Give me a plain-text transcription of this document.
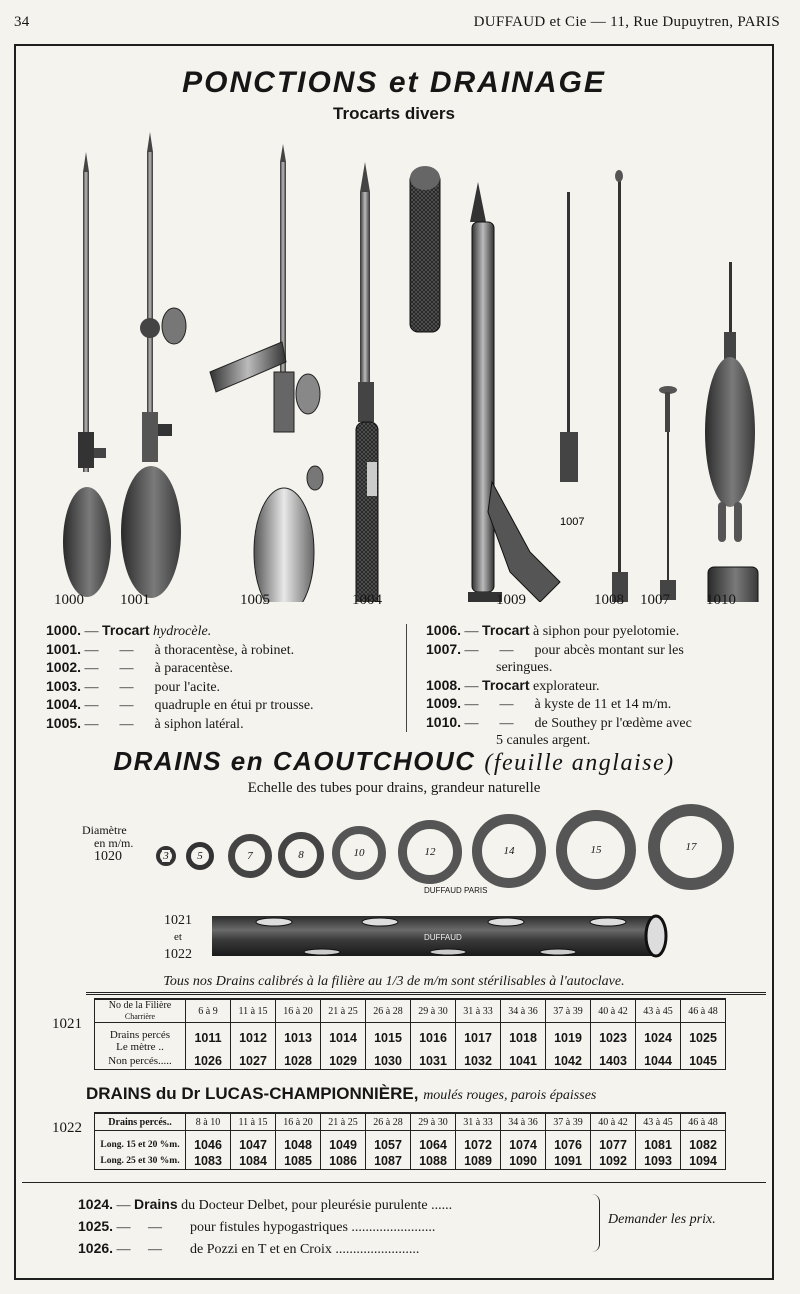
34	DUFFAUD et Cie — 11, Rue Dupuytren, PARIS
PONCTIONS et DRAINAGE
Trocarts divers
1007
1000 1001	1005	1004	1009	1008 1007 1010
1000. — Trocart hydrocèle.
1001. — — à thoracentèse, à robinet.
1002. — — à paracentèse.
1003. — — pour l'acite.
1004. — — quadruple en étui pr trousse.
1005. — — à siphon latéral.
1006. — Trocart à siphon pour pyelotomie.
1007. — — pour abcès montant sur les
seringues.
1008. — Trocart explorateur.
1009. — — à kyste de 11 et 14 m/m.
1010. — — de Southey pr l'œdème avec
5 canules argent.
DRAINS en CAOUTCHOUC (feuille anglaise)
Echelle des tubes pour drains, grandeur naturelle
Diamètre
en m/m.
1020	3	5	7	8	10	12	14	15	17
DUFFAUD PARIS
1021
et
1022
DUFFAUD
Tous nos Drains calibrés à la filière au 1/3 de m/m sont stérilisables à l'autoclave.
1021
No de la Filière
Charrière	6 à 9	11 à 15	16 à 20	21 à 25	26 à 28	29 à 30	31 à 33	34 à 36	37 à 39	40 à 42	43 à 45	46 à 48

Drains percés
Le mètre ..	1011	1012	1013	1014	1015	1016	1017	1018	1019	1023	1024	1025
Non percés.....	1026	1027	1028	1029	1030	1031	1032	1041	1042	1403	1044	1045
DRAINS du Dr LUCAS-CHAMPIONNIÈRE, moulés rouges, parois épaisses
1022	Drains percés..	8 à 10	11 à 15	16 à 20	21 à 25	26 à 28	29 à 30	31 à 33	34 à 36	37 à 39	40 à 42	43 à 45	46 à 48
Long. 15 et 20 %m.	1046	1047	1048	1049	1057	1064	1072	1074	1076	1077	1081	1082
Long. 25 et 30 %m.	1083	1084	1085	1086	1087	1088	1089	1090	1091	1092	1093	1094
1024. — Drains du Docteur Delbet, pour pleurésie purulente ......
1025. — — pour fistules hypogastriques ........................
1026. — — de Pozzi en T et en Croix ........................
Demander les prix.
